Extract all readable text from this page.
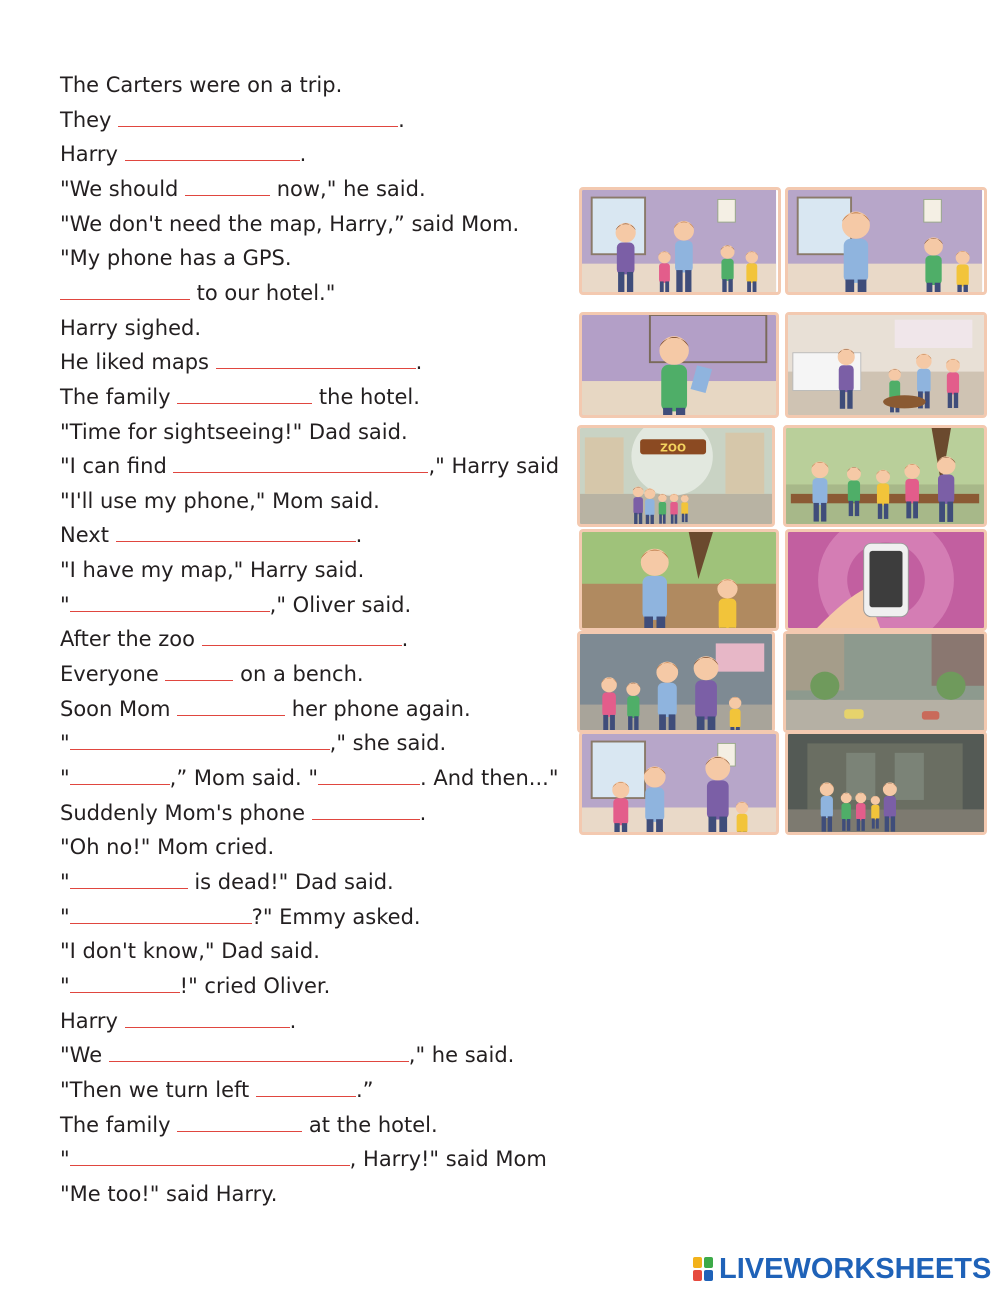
The Carters were on a trip.
They	.
Harry	.
"We should	now," he said.
"We don't need the map, Harry,” said Mom.
"My phone has a GPS.
to our hotel."
Harry sighed.
He liked maps	.
The family	the hotel.
"Time for sightseeing!" Dad said.
"I can find	," Harry said
"I'll use my phone," Mom said.
Next	.
"I have my map," Harry said.
"	," Oliver said.
After the zoo	.
Everyone	on a bench.
Soon Mom	her phone again.
"	," she said.
"	,” Mom said. "	. And then..."
Suddenly Mom's phone	.
"Oh no!" Mom cried.
"	is dead!" Dad said.
"	?" Emmy asked.
"I don't know," Dad said.
"	!" cried Oliver.
Harry	.
"We	," he said.
"Then we turn left	.”
The family	at the hotel.
"	, Harry!" said Mom
"Me too!" said Harry.
ZOO
LIVEWORKSHEETS
